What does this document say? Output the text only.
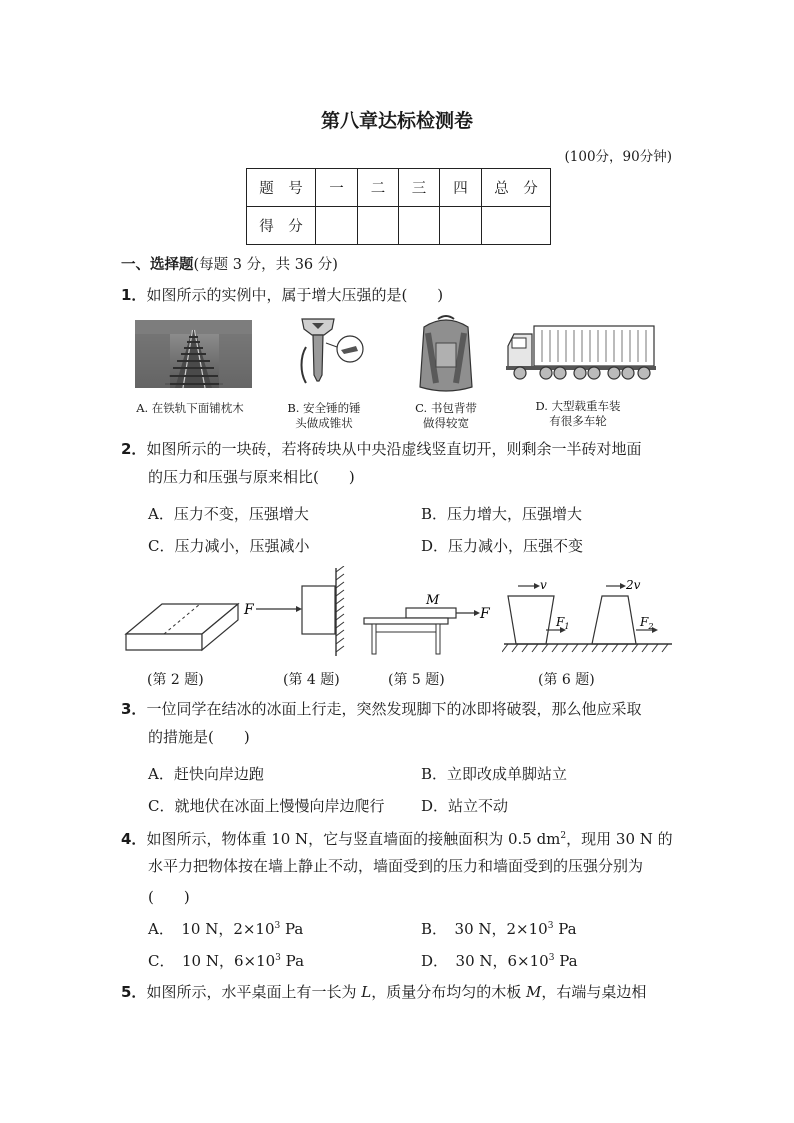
第八章达标检测卷
(100分，90分钟)
题　号	一	二	三	四	总　分
得　分					
一、选择题(每题 3 分，共 36 分)
1．如图所示的实例中，属于增大压强的是(　　)
A. 在铁轨下面铺枕木	B. 安全锤的锤
头做成锥状
C. 书包背带
做得较宽
D. 大型载重车装
有很多车轮
2．如图所示的一块砖，若将砖块从中央沿虚线竖直切开，则剩余一半砖对地面
的压力和压强与原来相比(　　)
A．压力不变，压强增大	B．压力增大，压强增大
C．压力减小，压强减小	D．压力减小，压强不变
F
M
F
v
$F_1$
2v
$F_2$
(第 2 题)	(第 4 题)	(第 5 题)	(第 6 题)
3．一位同学在结冰的冰面上行走，突然发现脚下的冰即将破裂，那么他应采取
的措施是(　　)
A．赶快向岸边跑	B．立即改成单脚站立
C．就地伏在冰面上慢慢向岸边爬行 D．站立不动
4．如图所示，物体重 10 N，它与竖直墙面的接触面积为 0.5 $dm^2$，现用 30 N 的
水平力把物体按在墙上静止不动，墙面受到的压力和墙面受到的压强分别为
(　　)
A．　10 N，$2\times 10^3$ Pa	B．　30 N，$2\times 10^3$ Pa
C．　10 N，$6\times 10^3$ Pa	D．　30 N，$6\times 10^3$ Pa
5．如图所示，水平桌面上有一长为 L，质量分布均匀的木板 M，右端与桌边相
